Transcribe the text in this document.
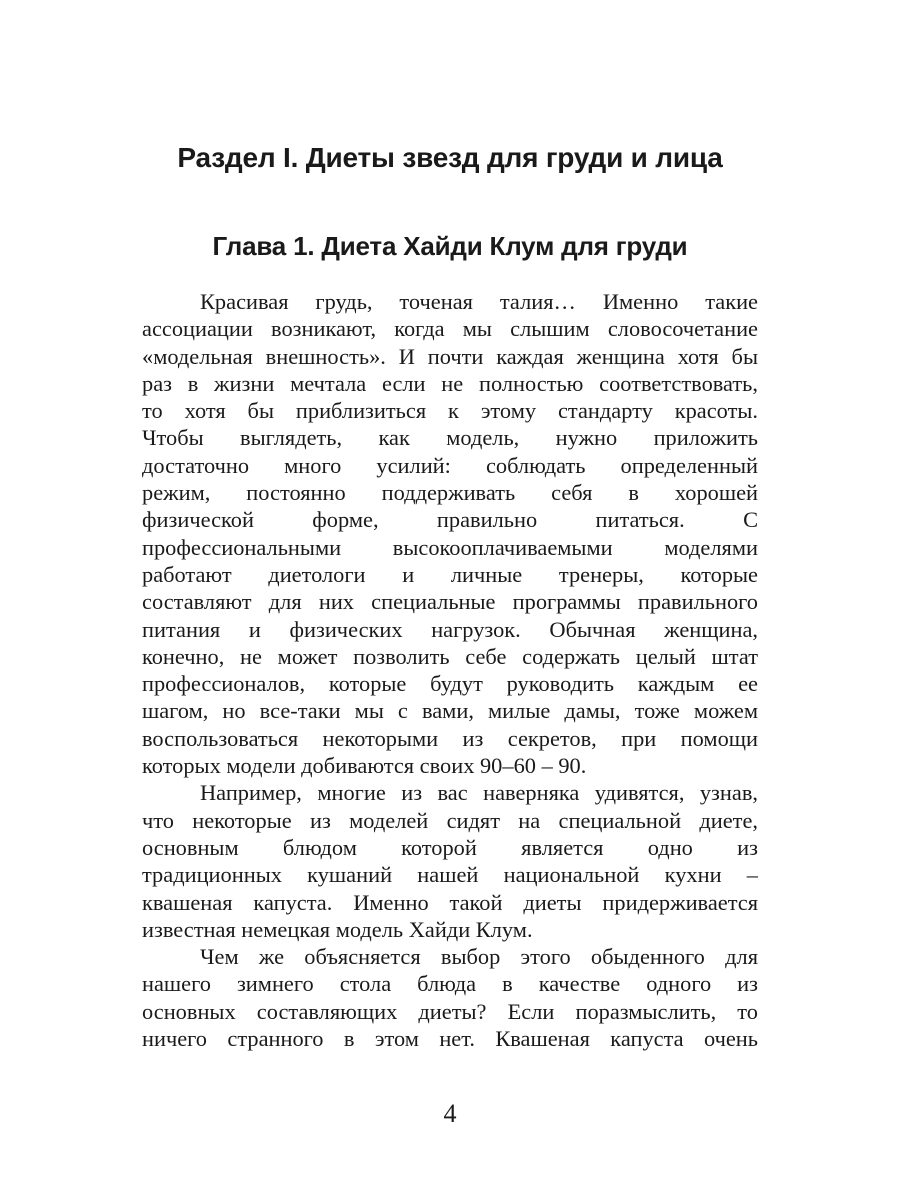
Раздел I. Диеты звезд для груди и лица
Глава 1. Диета Хайди Клум для груди
Красивая грудь, точеная талия… Именно такие
ассоциации возникают, когда мы слышим словосочетание
«модельная внешность». И почти каждая женщина хотя бы
раз в жизни мечтала если не полностью соответствовать,
то хотя бы приблизиться к этому стандарту красоты.
Чтобы выглядеть, как модель, нужно приложить
достаточно много усилий: соблюдать определенный
режим, постоянно поддерживать себя в хорошей
физической форме, правильно питаться. С
профессиональными высокооплачиваемыми моделями
работают диетологи и личные тренеры, которые
составляют для них специальные программы правильного
питания и физических нагрузок. Обычная женщина,
конечно, не может позволить себе содержать целый штат
профессионалов, которые будут руководить каждым ее
шагом, но все-таки мы с вами, милые дамы, тоже можем
воспользоваться некоторыми из секретов, при помощи
которых модели добиваются своих 90–60 – 90.
Например, многие из вас наверняка удивятся, узнав,
что некоторые из моделей сидят на специальной диете,
основным блюдом которой является одно из
традиционных кушаний нашей национальной кухни –
квашеная капуста. Именно такой диеты придерживается
известная немецкая модель Хайди Клум.
Чем же объясняется выбор этого обыденного для
нашего зимнего стола блюда в качестве одного из
основных составляющих диеты? Если поразмыслить, то
ничего странного в этом нет. Квашеная капуста очень
4
